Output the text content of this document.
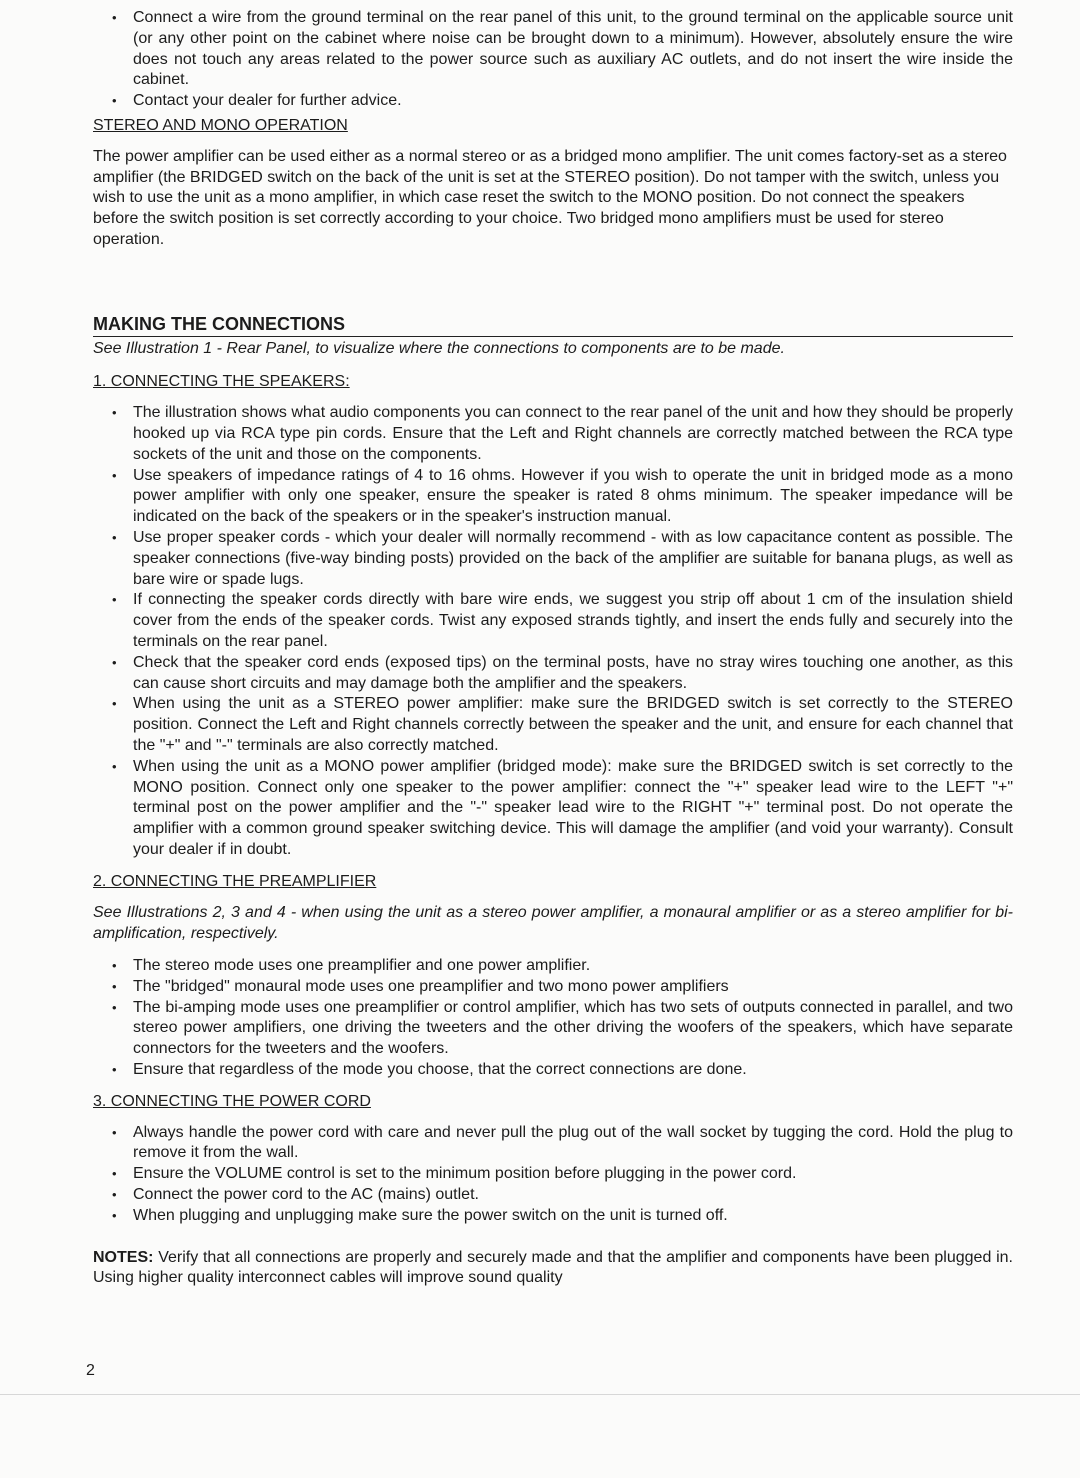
• Connect a wire from the ground terminal on the rear panel of this unit, to the ground terminal on the applicable source unit (or any other point on the cabinet where noise can be brought down to a minimum). However, absolutely ensure the wire does not touch any areas related to the power source such as auxiliary AC outlets, and do not insert the wire inside the cabinet.
• Contact your dealer for further advice.
STEREO AND MONO OPERATION

The power amplifier can be used either as a normal stereo or as a bridged mono amplifier. The unit comes factory-set as a stereo amplifier (the BRIDGED switch on the back of the unit is set at the STEREO position). Do not tamper with the switch, unless you wish to use the unit as a mono amplifier, in which case reset the switch to the MONO position. Do not connect the speakers before the switch position is set correctly according to your choice. Two bridged mono amplifiers must be used for stereo operation.

MAKING THE CONNECTIONS

See Illustration 1 - Rear Panel, to visualize where the connections to components are to be made.

1. CONNECTING THE SPEAKERS:
• The illustration shows what audio components you can connect to the rear panel of the unit and how they should be properly hooked up via RCA type pin cords. Ensure that the Left and Right channels are correctly matched between the RCA type sockets of the unit and those on the components.
• Use speakers of impedance ratings of 4 to 16 ohms. However if you wish to operate the unit in bridged mode as a mono power amplifier with only one speaker, ensure the speaker is rated 8 ohms minimum. The speaker impedance will be indicated on the back of the speakers or in the speaker's instruction manual.
• Use proper speaker cords - which your dealer will normally recommend - with as low capacitance content as possible. The speaker connections (five-way binding posts) provided on the back of the amplifier are suitable for banana plugs, as well as bare wire or spade lugs.
• If connecting the speaker cords directly with bare wire ends, we suggest you strip off about 1 cm of the insulation shield cover from the ends of the speaker cords. Twist any exposed strands tightly, and insert the ends fully and securely into the terminals on the rear panel.
• Check that the speaker cord ends (exposed tips) on the terminal posts, have no stray wires touching one another, as this can cause short circuits and may damage both the amplifier and the speakers.
• When using the unit as a STEREO power amplifier: make sure the BRIDGED switch is set correctly to the STEREO position. Connect the Left and Right channels correctly between the speaker and the unit, and ensure for each channel that the "+" and "-" terminals are also correctly matched.
• When using the unit as a MONO power amplifier (bridged mode): make sure the BRIDGED switch is set correctly to the MONO position. Connect only one speaker to the power amplifier: connect the "+" speaker lead wire to the LEFT "+" terminal post on the power amplifier and the "-" speaker lead wire to the RIGHT "+" terminal post. Do not operate the amplifier with a common ground speaker switching device. This will damage the amplifier (and void your warranty). Consult your dealer if in doubt.
2. CONNECTING THE PREAMPLIFIER

See Illustrations 2, 3 and 4 - when using the unit as a stereo power amplifier, a monaural amplifier or as a stereo amplifier for bi-amplification, respectively.

• The stereo mode uses one preamplifier and one power amplifier.
• The "bridged" monaural mode uses one preamplifier and two mono power amplifiers
• The bi-amping mode uses one preamplifier or control amplifier, which has two sets of outputs connected in parallel, and two stereo power amplifiers, one driving the tweeters and the other driving the woofers of the speakers, which have separate connectors for the tweeters and the woofers.
• Ensure that regardless of the mode you choose, that the correct connections are done.
3. CONNECTING THE POWER CORD
• Always handle the power cord with care and never pull the plug out of the wall socket by tugging the cord. Hold the plug to remove it from the wall.
• Ensure the VOLUME control is set to the minimum position before plugging in the power cord.
• Connect the power cord to the AC (mains) outlet.
• When plugging and unplugging make sure the power switch on the unit is turned off.

NOTES: Verify that all connections are properly and securely made and that the amplifier and components have been plugged in. Using higher quality interconnect cables will improve sound quality

2
